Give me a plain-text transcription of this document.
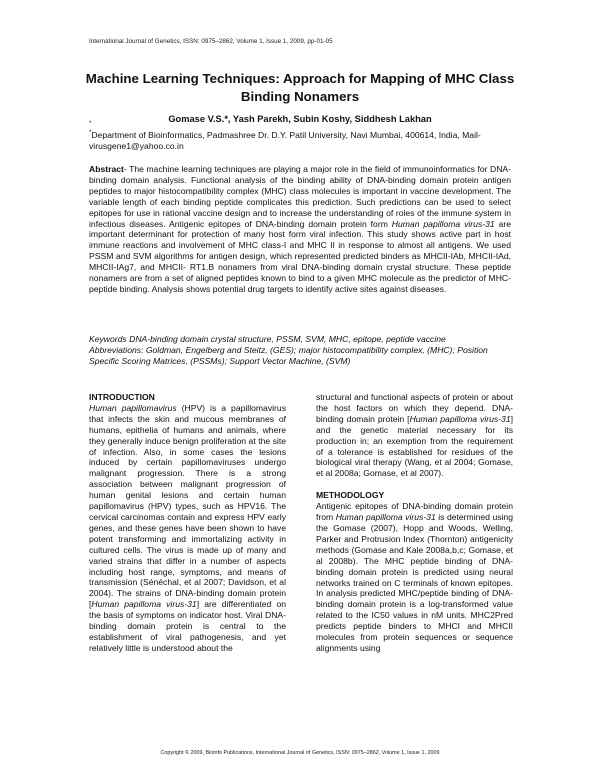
International Journal of Genetics, ISSN: 0975–2862, Volume 1, Issue 1, 2009, pp-01-05
Machine Learning Techniques: Approach for Mapping of MHC Class Binding Nonamers
*	Gomase V.S.*, Yash Parekh, Subin Koshy, Siddhesh Lakhan
*Department of Bioinformatics, Padmashree Dr. D.Y. Patil University, Navi Mumbai, 400614, India, Mail- virusgene1@yahoo.co.in
Abstract- The machine learning techniques are playing a major role in the field of immunoinformatics for DNA-binding domain analysis. Functional analysis of the binding ability of DNA-binding domain protein antigen peptides to major histocompatibility complex (MHC) class molecules is important in vaccine development. The variable length of each binding peptide complicates this prediction. Such predictions can be used to select epitopes for use in rational vaccine design and to increase the understanding of roles of the immune system in infectious diseases. Antigenic epitopes of DNA-binding domain protein form Human papilloma virus-31 are important determinant for protection of many host form viral infection. This study shows active part in host immune reactions and involvement of MHC class-I and MHC II in response to almost all antigens. We used PSSM and SVM algorithms for antigen design, which represented predicted binders as MHCII-IAb, MHCII-IAd, MHCII-IAg7, and MHCII- RT1.B nonamers from viral DNA-binding domain crystal structure. These peptide nonamers are from a set of aligned peptides known to bind to a given MHC molecule as the predictor of MHC-peptide binding. Analysis shows potential drug targets to identify active sites against diseases.

Keywords DNA-binding domain crystal structure, PSSM, SVM, MHC, epitope, peptide vaccine

Abbreviations: Goldman, Engelberg and Steitz, (GES); major histocompatibility complex, (MHC); Position Specific Scoring Matrices, (PSSMs); Support Vector Machine, (SVM)

INTRODUCTION

Human papillomavirus (HPV) is a papillomavirus that infects the skin and mucous membranes of humans, epithelia of humans and animals, where they generally induce benign proliferation at the site of infection. Also, in some cases the lesions induced by certain papillomaviruses undergo malignant progression. There is a strong association between malignant progression of human genital lesions and certain human papillomavirus (HPV) types, such as HPV16. The cervical carcinomas contain and express HPV early genes, and these genes have been shown to have potent transforming and immortalizing activity in cultured cells. The virus is made up of many and varied strains that differ in a number of aspects including host range, symptoms, and means of transmission (Sénéchal, et al 2007; Davidson, et al 2004). The strains of DNA-binding domain protein [Human papilloma virus-31] are differentiated on the basis of symptoms on indicator host. Viral DNA-binding domain protein is central to the establishment of viral pathogenesis, and yet relatively little is understood about the

structural and functional aspects of protein or about the host factors on which they depend. DNA-binding domain protein [Human papilloma virus-31] and the genetic material necessary for its production in; an exemption from the requirement of a tolerance is established for residues of the biological viral therapy (Wang, et al 2004; Gomase, et al 2008a; Gomase, et al 2007).

METHODOLOGY

Antigenic epitopes of DNA-binding domain protein from Human papilloma virus-31 is determined using the Gomase (2007), Hopp and Woods, Welling, Parker and Protrusion Index (Thornton) antigenicity methods (Gomase and Kale 2008a,b,c; Gomase, et al 2008b). The MHC peptide binding of DNA-binding domain protein is predicted using neural networks trained on C terminals of known epitopes. In analysis predicted MHC/peptide binding of DNA-binding domain protein is a log-transformed value related to the IC50 values in nM units. MHC2Pred predicts peptide binders to MHCI and MHCII molecules from protein sequences or sequence alignments using

Copyright © 2009, Bioinfo Publications, International Journal of Genetics, ISSN: 0975–2862, Volume 1, Issue 1, 2009
